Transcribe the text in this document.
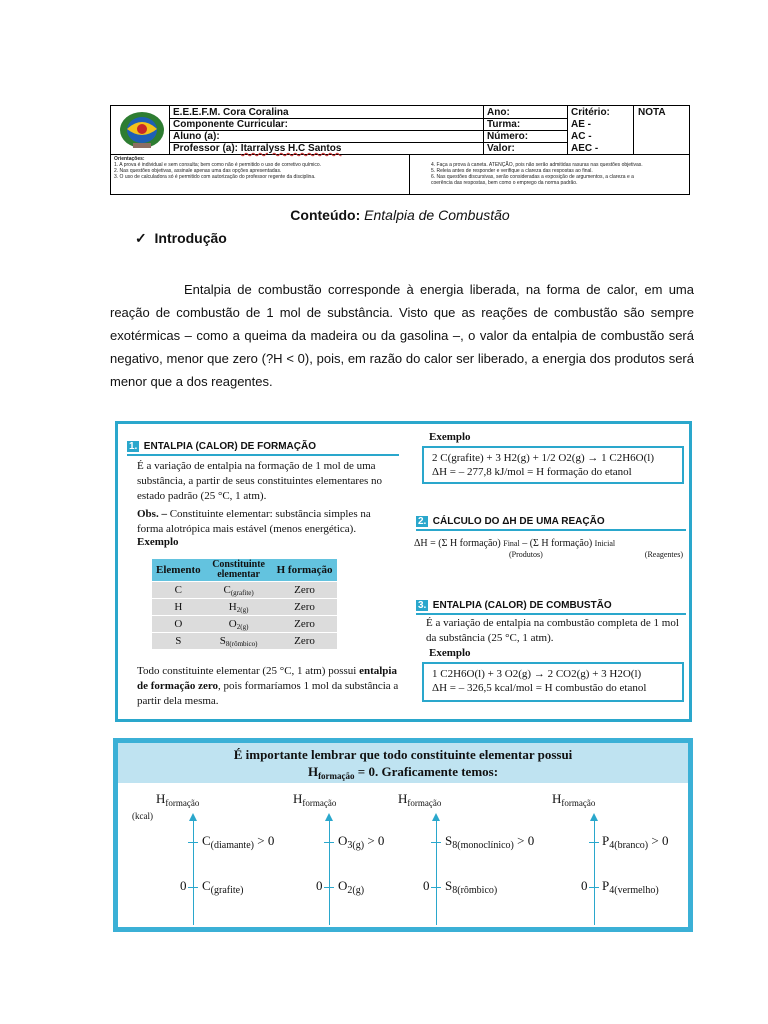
E.E.E.F.M. Cora Coralina
Componente Curricular:
Aluno (a):
Professor (a): Itarralyss H.C Santos
Ano:
Turma:
Número:
Valor:
Critério:
AE -
AC -
AEC -
NOTA
Orientações:
1. A prova é individual e sem consulta; bem como não é permitido o uso de corretivo químico.
2. Nas questões objetivas, assinale apenas uma das opções apresentadas.
3. O uso de calculadora só é permitido com autorização do professor regente da disciplina.
4. Faça a prova à caneta. ATENÇÃO, pois não serão admitidas rasuras nas questões objetivas.
5. Releia antes de responder e verifique a clareza das respostas ao final.
6. Nas questões discursivas, serão consideradas a exposição de argumentos, a clareza e a
coerência das respostas, bem como o emprego da norma padrão.
Conteúdo: Entalpia de Combustão
✓ Introdução
Entalpia de combustão corresponde à energia liberada, na forma de calor, em uma reação de combustão de 1 mol de substância. Visto que as reações de combustão são sempre exotérmicas – como a queima da madeira ou da gasolina –, o valor da entalpia de combustão será negativo, menor que zero (?H < 0), pois, em razão do calor ser liberado, a energia dos produtos será menor que a dos reagentes.
1. ENTALPIA (CALOR) DE FORMAÇÃO
É a variação de entalpia na formação de 1 mol de uma substância, a partir de seus constituintes elementares no estado padrão (25 °C, 1 atm).
Obs. – Constituinte elementar: substância simples na forma alotrópica mais estável (menos energética).
Exemplo
Elemento	Constituinte elementar	H formação
C	$C_{(grafite)}$	Zero
H	$H_{2(g)}$	Zero
O	$O_{2(g)}$	Zero
S	$S_{8(rômbico)}$	Zero
Todo constituinte elementar (25 °C, 1 atm) possui entalpia de formação zero, pois formaríamos 1 mol da substância a partir dela mesma.
Exemplo
2 C(grafite) + 3 H2(g) + 1/2 O2(g) → 1 C2H6O(l)
ΔH = – 277,8 kJ/mol = H formação do etanol
2. CÁLCULO DO ΔH DE UMA REAÇÃO
ΔH = (Σ H formação) Final – (Σ H formação) Inicial
(Produtos)	(Reagentes)
3. ENTALPIA (CALOR) DE COMBUSTÃO
É a variação de entalpia na combustão completa de 1 mol da substância (25 °C, 1 atm).
Exemplo
1 C2H6O(l) + 3 O2(g) → 2 CO2(g) + 3 H2O(l)
ΔH = – 326,5 kcal/mol = H combustão do etanol
É importante lembrar que todo constituinte elementar possui
$H_{formação} = 0$. Graficamente temos:
$H_{formação}$
(kcal)
$C_{(diamante)} > 0$
0 $C_{(grafite)}$
$H_{formação}$
$O_{3(g)} > 0$
0 $O_{2(g)}$
$H_{formação}$
$S_{8(monoclínico)} > 0$
0 $S_{8(rômbico)}$
$H_{formação}$
$P_{4(branco)} > 0$
0 $P_{4(vermelho)}$
